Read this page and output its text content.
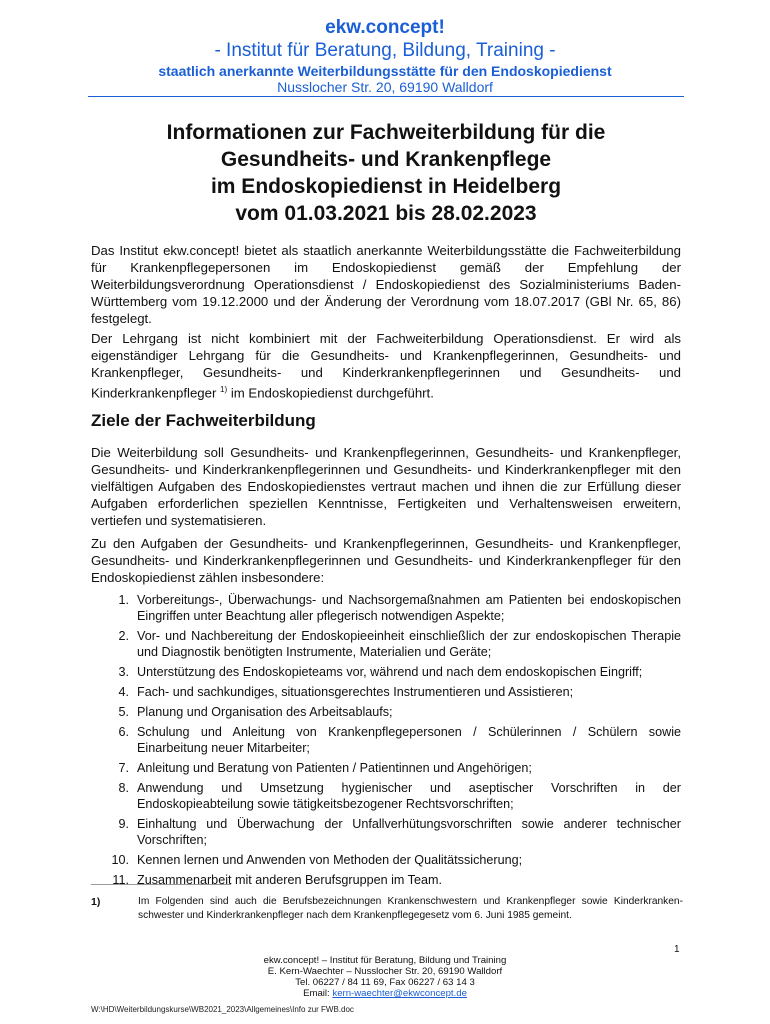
ekw.concept!
- Institut für Beratung, Bildung, Training -
staatlich anerkannte Weiterbildungsstätte für den Endoskopiedienst
Nusslocher Str. 20, 69190 Walldorf
Informationen zur Fachweiterbildung für die
Gesundheits- und Krankenpflege
im Endoskopiedienst in Heidelberg
vom 01.03.2021 bis 28.02.2023
Das Institut ekw.concept! bietet als staatlich anerkannte Weiterbildungsstätte die Fachweiterbildung für Krankenpflegepersonen im Endoskopiedienst gemäß der Empfehlung der Weiterbildungsverordnung Operationsdienst / Endoskopiedienst des Sozialministeriums Baden-Württemberg vom 19.12.2000 und der Änderung der Verordnung vom 18.07.2017 (GBl Nr. 65, 86) festgelegt.
Der Lehrgang ist nicht kombiniert mit der Fachweiterbildung Operationsdienst. Er wird als eigenständiger Lehrgang für die Gesundheits- und Krankenpflegerinnen, Gesundheits- und Krankenpfleger, Gesundheits- und Kinderkrankenpflegerinnen und Gesundheits- und Kinderkrankenpfleger $^{1)}$ im Endoskopiedienst durchgeführt.
Ziele der Fachweiterbildung
Die Weiterbildung soll Gesundheits- und Krankenpflegerinnen, Gesundheits- und Krankenpfleger, Gesundheits- und Kinderkrankenpflegerinnen und Gesundheits- und Kinderkrankenpfleger mit den vielfältigen Aufgaben des Endoskopiedienstes vertraut machen und ihnen die zur Erfüllung dieser Aufgaben erforderlichen speziellen Kenntnisse, Fertigkeiten und Verhaltensweisen erweitern, vertiefen und systematisieren.
Zu den Aufgaben der Gesundheits- und Krankenpflegerinnen, Gesundheits- und Krankenpfleger, Gesundheits- und Kinderkrankenpflegerinnen und Gesundheits- und Kinderkrankenpfleger für den Endoskopiedienst zählen insbesondere:
1. Vorbereitungs-, Überwachungs- und Nachsorgemaßnahmen am Patienten bei endoskopischen Eingriffen unter Beachtung aller pflegerisch notwendigen Aspekte;
2. Vor- und Nachbereitung der Endoskopieeinheit einschließlich der zur endoskopischen Therapie und Diagnostik benötigten Instrumente, Materialien und Geräte;
3. Unterstützung des Endoskopieteams vor, während und nach dem endoskopischen Eingriff;
4. Fach- und sachkundiges, situationsgerechtes Instrumentieren und Assistieren;
5. Planung und Organisation des Arbeitsablaufs;
6. Schulung und Anleitung von Krankenpflegepersonen / Schülerinnen / Schülern sowie Einarbeitung neuer Mitarbeiter;
7. Anleitung und Beratung von Patienten / Patientinnen und Angehörigen;
8. Anwendung und Umsetzung hygienischer und aseptischer Vorschriften in der Endoskopieabteilung sowie tätigkeitsbezogener Rechtsvorschriften;
9. Einhaltung und Überwachung der Unfallverhütungsvorschriften sowie anderer technischer Vorschriften;
10. Kennen lernen und Anwenden von Methoden der Qualitätssicherung;
11. Zusammenarbeit mit anderen Berufsgruppen im Team.
1)	Im Folgenden sind auch die Berufsbezeichnungen Krankenschwestern und Krankenpfleger sowie Kinderkranken-schwester und Kinderkrankenpfleger nach dem Krankenpflegegesetz vom 6. Juni 1985 gemeint.
1
ekw.concept! – Institut für Beratung, Bildung und Training
E. Kern-Waechter – Nusslocher Str. 20, 69190 Walldorf
Tel. 06227 / 84 11 69, Fax 06227 / 63 14 3
Email: kern-waechter@ekwconcept.de
W:\HD\Weiterbildungskurse\WB2021_2023\Allgemeines\Info zur FWB.doc
